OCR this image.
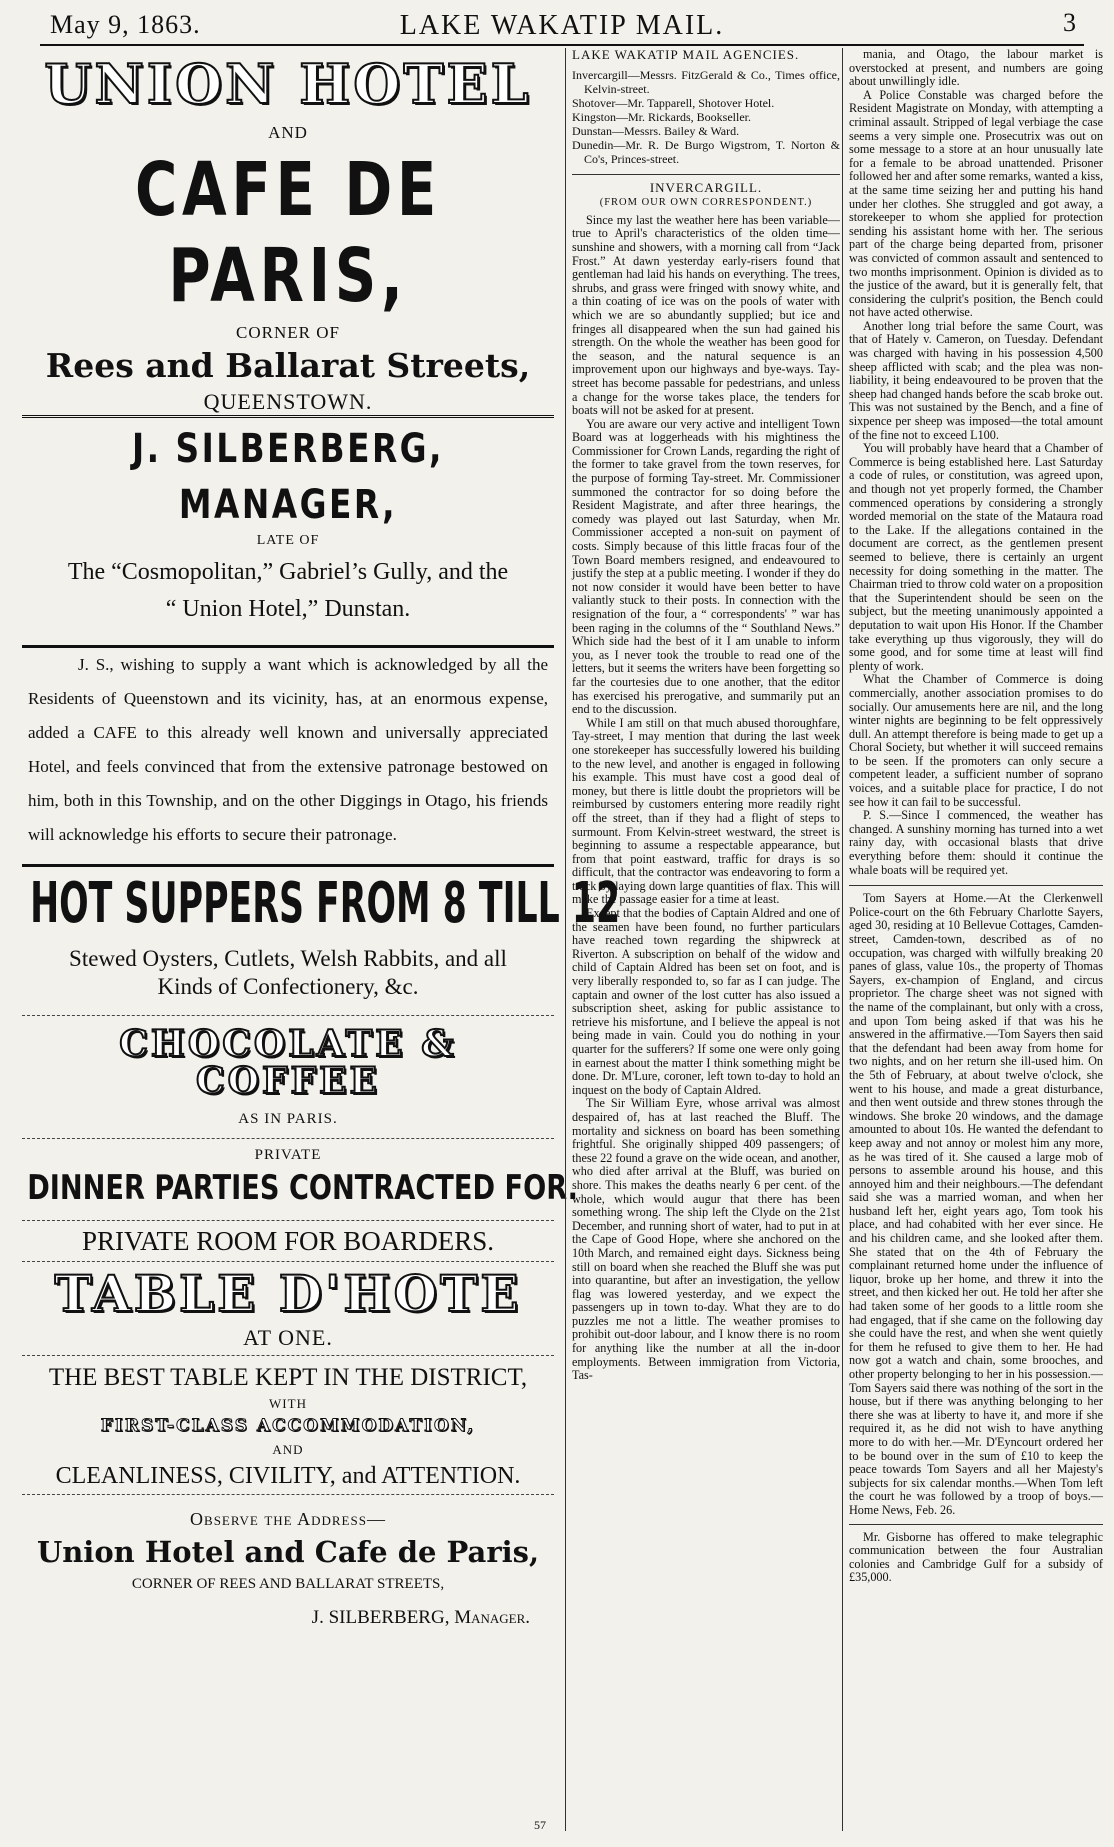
May 9, 1863.	LAKE WAKATIP MAIL.	3
UNION HOTEL
AND
CAFE DE PARIS,
CORNER OF
Rees and Ballarat Streets,
QUEENSTOWN.
J. SILBERBERG, MANAGER,
LATE OF
The “Cosmopolitan,” Gabriel’s Gully, and the
“ Union Hotel,” Dunstan.
J. S., wishing to supply a want which is acknowledged by all the Residents of Queenstown and its vicinity, has, at an enormous expense, added a CAFE to this already well known and universally appreciated Hotel, and feels convinced that from the extensive patronage bestowed on him, both in this Township, and on the other Diggings in Otago, his friends will acknowledge his efforts to secure their patronage.
HOT SUPPERS FROM 8 TILL 12
Stewed Oysters, Cutlets, Welsh Rabbits, and all
Kinds of Confectionery, &c.
CHOCOLATE & COFFEE
AS IN PARIS.
PRIVATE
DINNER PARTIES CONTRACTED FOR.
PRIVATE ROOM FOR BOARDERS.
TABLE D'HOTE
AT ONE.
THE BEST TABLE KEPT IN THE DISTRICT,
WITH
FIRST-CLASS ACCOMMODATION,
AND
CLEANLINESS, CIVILITY, and ATTENTION.
Observe the Address—
Union Hotel and Cafe de Paris,
CORNER OF REES AND BALLARAT STREETS,
J. SILBERBERG, Manager.
57
LAKE WAKATIP MAIL AGENCIES.
Invercargill—Messrs. FitzGerald & Co., Times office, Kelvin-street.
Shotover—Mr. Tapparell, Shotover Hotel.
Kingston—Mr. Rickards, Bookseller.
Dunstan—Messrs. Bailey & Ward.
Dunedin—Mr. R. De Burgo Wigstrom, T. Norton & Co's, Princes-street.
INVERCARGILL.
(FROM OUR OWN CORRESPONDENT.)

Since my last the weather here has been variable—true to April's characteristics of the olden time—sunshine and showers, with a morning call from “Jack Frost.” At dawn yesterday early-risers found that gentleman had laid his hands on everything. The trees, shrubs, and grass were fringed with snowy white, and a thin coating of ice was on the pools of water with which we are so abundantly supplied; but ice and fringes all disappeared when the sun had gained his strength. On the whole the weather has been good for the season, and the natural sequence is an improvement upon our highways and bye-ways. Tay-street has become passable for pedestrians, and unless a change for the worse takes place, the tenders for boats will not be asked for at present.

You are aware our very active and intelligent Town Board was at loggerheads with his mightiness the Commissioner for Crown Lands, regarding the right of the former to take gravel from the town reserves, for the purpose of forming Tay-street. Mr. Commissioner summoned the contractor for so doing before the Resident Magistrate, and after three hearings, the comedy was played out last Saturday, when Mr. Commissioner accepted a non-suit on payment of costs. Simply because of this little fracas four of the Town Board members resigned, and endeavoured to justify the step at a public meeting. I wonder if they do not now consider it would have been better to have valiantly stuck to their posts. In connection with the resignation of the four, a “ correspondents' ” war has been raging in the columns of the “ Southland News.” Which side had the best of it I am unable to inform you, as I never took the trouble to read one of the letters, but it seems the writers have been forgetting so far the courtesies due to one another, that the editor has exercised his prerogative, and summarily put an end to the discussion.

While I am still on that much abused thoroughfare, Tay-street, I may mention that during the last week one storekeeper has successfully lowered his building to the new level, and another is engaged in following his example. This must have cost a good deal of money, but there is little doubt the proprietors will be reimbursed by customers entering more readily right off the street, than if they had a flight of steps to surmount. From Kelvin-street westward, the street is beginning to assume a respectable appearance, but from that point eastward, traffic for drays is so difficult, that the contractor was endeavoring to form a track by laying down large quantities of flax. This will make the passage easier for a time at least.

Except that the bodies of Captain Aldred and one of the seamen have been found, no further particulars have reached town regarding the shipwreck at Riverton. A subscription on behalf of the widow and child of Captain Aldred has been set on foot, and is very liberally responded to, so far as I can judge. The captain and owner of the lost cutter has also issued a subscription sheet, asking for public assistance to retrieve his misfortune, and I believe the appeal is not being made in vain. Could you do nothing in your quarter for the sufferers? If some one were only going in earnest about the matter I think something might be done. Dr. M'Lure, coroner, left town to-day to hold an inquest on the body of Captain Aldred.

The Sir William Eyre, whose arrival was almost despaired of, has at last reached the Bluff. The mortality and sickness on board has been something frightful. She originally shipped 409 passengers; of these 22 found a grave on the wide ocean, and another, who died after arrival at the Bluff, was buried on shore. This makes the deaths nearly 6 per cent. of the whole, which would augur that there has been something wrong. The ship left the Clyde on the 21st December, and running short of water, had to put in at the Cape of Good Hope, where she anchored on the 10th March, and remained eight days. Sickness being still on board when she reached the Bluff she was put into quarantine, but after an investigation, the yellow flag was lowered yesterday, and we expect the passengers up in town to-day. What they are to do puzzles me not a little. The weather promises to prohibit out-door labour, and I know there is no room for anything like the number at all the in-door employments. Between immigration from Victoria, Tas-

mania, and Otago, the labour market is overstocked at present, and numbers are going about unwillingly idle.

A Police Constable was charged before the Resident Magistrate on Monday, with attempting a criminal assault. Stripped of legal verbiage the case seems a very simple one. Prosecutrix was out on some message to a store at an hour unusually late for a female to be abroad unattended. Prisoner followed her and after some remarks, wanted a kiss, at the same time seizing her and putting his hand under her clothes. She struggled and got away, a storekeeper to whom she applied for protection sending his assistant home with her. The serious part of the charge being departed from, prisoner was convicted of common assault and sentenced to two months imprisonment. Opinion is divided as to the justice of the award, but it is generally felt, that considering the culprit's position, the Bench could not have acted otherwise.

Another long trial before the same Court, was that of Hately v. Cameron, on Tuesday. Defendant was charged with having in his possession 4,500 sheep afflicted with scab; and the plea was non-liability, it being endeavoured to be proven that the sheep had changed hands before the scab broke out. This was not sustained by the Bench, and a fine of sixpence per sheep was imposed—the total amount of the fine not to exceed L100.

You will probably have heard that a Chamber of Commerce is being established here. Last Saturday a code of rules, or constitution, was agreed upon, and though not yet properly formed, the Chamber commenced operations by considering a strongly worded memorial on the state of the Mataura road to the Lake. If the allegations contained in the document are correct, as the gentlemen present seemed to believe, there is certainly an urgent necessity for doing something in the matter. The Chairman tried to throw cold water on a proposition that the Superintendent should be seen on the subject, but the meeting unanimously appointed a deputation to wait upon His Honor. If the Chamber take everything up thus vigorously, they will do some good, and for some time at least will find plenty of work.

What the Chamber of Commerce is doing commercially, another association promises to do socially. Our amusements here are nil, and the long winter nights are beginning to be felt oppressively dull. An attempt therefore is being made to get up a Choral Society, but whether it will succeed remains to be seen. If the promoters can only secure a competent leader, a sufficient number of soprano voices, and a suitable place for practice, I do not see how it can fail to be successful.

P. S.—Since I commenced, the weather has changed. A sunshiny morning has turned into a wet rainy day, with occasional blasts that drive everything before them: should it continue the whale boats will be required yet.

Tom Sayers at Home.—At the Clerkenwell Police-court on the 6th February Charlotte Sayers, aged 30, residing at 10 Bellevue Cottages, Camden-street, Camden-town, described as of no occupation, was charged with wilfully breaking 20 panes of glass, value 10s., the property of Thomas Sayers, ex-champion of England, and circus proprietor. The charge sheet was not signed with the name of the complainant, but only with a cross, and upon Tom being asked if that was his he answered in the affirmative.—Tom Sayers then said that the defendant had been away from home for two nights, and on her return she ill-used him. On the 5th of February, at about twelve o'clock, she went to his house, and made a great disturbance, and then went outside and threw stones through the windows. She broke 20 windows, and the damage amounted to about 10s. He wanted the defendant to keep away and not annoy or molest him any more, as he was tired of it. She caused a large mob of persons to assemble around his house, and this annoyed him and their neighbours.—The defendant said she was a married woman, and when her husband left her, eight years ago, Tom took his place, and had cohabited with her ever since. He and his children came, and she looked after them. She stated that on the 4th of February the complainant returned home under the influence of liquor, broke up her home, and threw it into the street, and then kicked her out. He told her after she had taken some of her goods to a little room she had engaged, that if she came on the following day she could have the rest, and when she went quietly for them he refused to give them to her. He had now got a watch and chain, some brooches, and other property belonging to her in his possession.—Tom Sayers said there was nothing of the sort in the house, but if there was anything belonging to her there she was at liberty to have it, and more if she required it, as he did not wish to have anything more to do with her.—Mr. D'Eyncourt ordered her to be bound over in the sum of £10 to keep the peace towards Tom Sayers and all her Majesty's subjects for six calendar months.—When Tom left the court he was followed by a troop of boys.—Home News, Feb. 26.

Mr. Gisborne has offered to make telegraphic communication between the four Australian colonies and Cambridge Gulf for a subsidy of £35,000.
